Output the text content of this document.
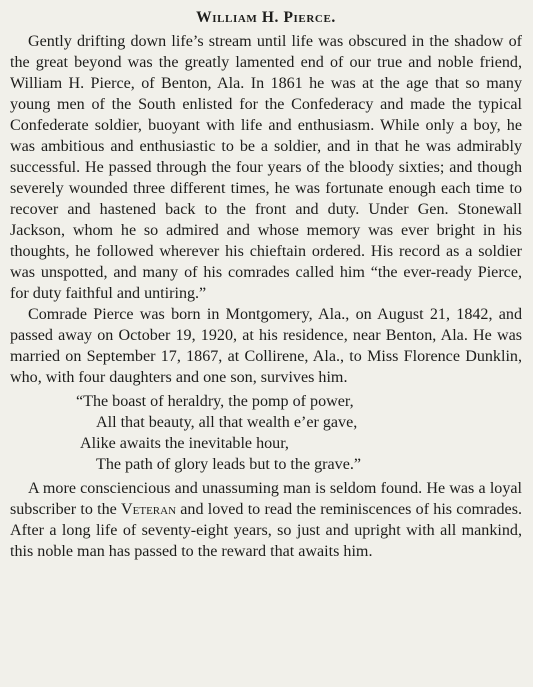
William H. Pierce.

Gently drifting down life’s stream until life was obscured in the shadow of the great beyond was the greatly lamented end of our true and noble friend, William H. Pierce, of Benton, Ala. In 1861 he was at the age that so many young men of the South enlisted for the Confederacy and made the typical Confederate soldier, buoyant with life and enthusiasm. While only a boy, he was ambitious and enthusiastic to be a soldier, and in that he was admirably successful. He passed through the four years of the bloody sixties; and though severely wounded three different times, he was fortunate enough each time to recover and hastened back to the front and duty. Under Gen. Stonewall Jackson, whom he so admired and whose memory was ever bright in his thoughts, he followed wherever his chieftain ordered. His record as a soldier was unspotted, and many of his comrades called him “the ever-ready Pierce, for duty faithful and untiring.”

Comrade Pierce was born in Montgomery, Ala., on August 21, 1842, and passed away on October 19, 1920, at his residence, near Benton, Ala. He was married on September 17, 1867, at Collirene, Ala., to Miss Florence Dunklin, who, with four daughters and one son, survives him.

“The boast of heraldry, the pomp of power,
All that beauty, all that wealth e’er gave,
Alike awaits the inevitable hour,
The path of glory leads but to the grave.”

A more consciencious and unassuming man is seldom found. He was a loyal subscriber to the Veteran and loved to read the reminiscences of his comrades. After a long life of seventy-eight years, so just and upright with all mankind, this noble man has passed to the reward that awaits him.
